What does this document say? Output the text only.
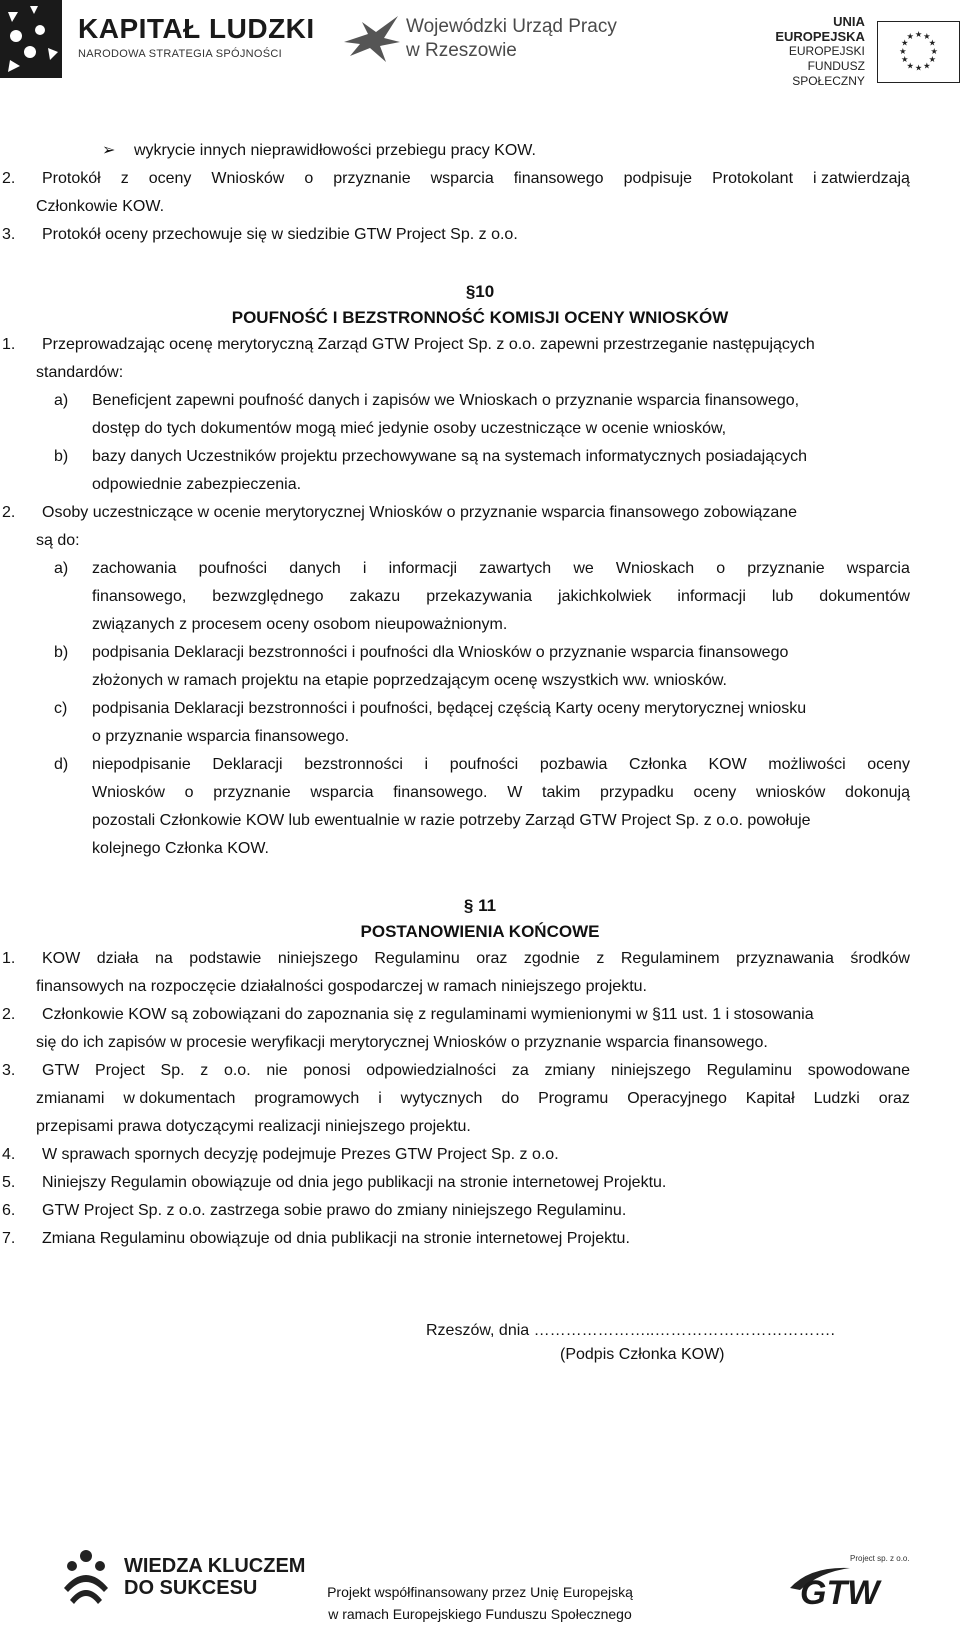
KAPITAŁ LUDZKI
NARODOWA STRATEGIA SPÓJNOŚCI
Wojewódzki Urząd Pracy
w Rzeszowie
UNIA EUROPEJSKA
EUROPEJSKI
FUNDUSZ SPOŁECZNY
★ ★
★
★
★
★
★
★
★
★
★
★
➢ wykrycie innych nieprawidłowości przebiegu pracy KOW.
2. Protokół z oceny Wniosków o przyznanie wsparcia finansowego podpisuje Protokolant i zatwierdzają
Członkowie KOW.
3. Protokół oceny przechowuje się w siedzibie GTW Project Sp. z o.o.
§10
POUFNOŚĆ I BEZSTRONNOŚĆ KOMISJI OCENY WNIOSKÓW
1. Przeprowadzając ocenę merytoryczną Zarząd GTW Project Sp. z o.o. zapewni przestrzeganie następujących
standardów:
a) Beneficjent zapewni poufność danych i zapisów we Wnioskach o przyznanie wsparcia finansowego,
dostęp do tych dokumentów mogą mieć jedynie osoby uczestniczące w ocenie wniosków,
b) bazy danych Uczestników projektu przechowywane są na systemach informatycznych posiadających
odpowiednie zabezpieczenia.
2. Osoby uczestniczące w ocenie merytorycznej Wniosków o przyznanie wsparcia finansowego zobowiązane
są do:
a) zachowania poufności danych i informacji zawartych we Wnioskach o przyznanie wsparcia
finansowego, bezwzględnego zakazu przekazywania jakichkolwiek informacji lub dokumentów
związanych z procesem oceny osobom nieupoważnionym.
b) podpisania Deklaracji bezstronności i poufności dla Wniosków o przyznanie wsparcia finansowego
złożonych w ramach projektu na etapie poprzedzającym ocenę wszystkich ww. wniosków.
c) podpisania Deklaracji bezstronności i poufności, będącej częścią Karty oceny merytorycznej wniosku
o przyznanie wsparcia finansowego.
d) niepodpisanie Deklaracji bezstronności i poufności pozbawia Członka KOW możliwości oceny
Wniosków o przyznanie wsparcia finansowego. W takim przypadku oceny wniosków dokonują
pozostali Członkowie KOW lub ewentualnie w razie potrzeby Zarząd GTW Project Sp. z o.o. powołuje
kolejnego Członka KOW.
§ 11
POSTANOWIENIA KOŃCOWE
1. KOW działa na podstawie niniejszego Regulaminu oraz zgodnie z Regulaminem przyznawania środków
finansowych na rozpoczęcie działalności gospodarczej w ramach niniejszego projektu.
2. Członkowie KOW są zobowiązani do zapoznania się z regulaminami wymienionymi w §11 ust. 1 i stosowania
się do ich zapisów w procesie weryfikacji merytorycznej Wniosków o przyznanie wsparcia finansowego.
3. GTW Project Sp. z o.o. nie ponosi odpowiedzialności za zmiany niniejszego Regulaminu spowodowane
zmianami w dokumentach programowych i wytycznych do Programu Operacyjnego Kapitał Ludzki oraz
przepisami prawa dotyczącymi realizacji niniejszego projektu.
4. W sprawach spornych decyzję podejmuje Prezes GTW Project Sp. z o.o.
5. Niniejszy Regulamin obowiązuje od dnia jego publikacji na stronie internetowej Projektu.
6. GTW Project Sp. z o.o. zastrzega sobie prawo do zmiany niniejszego Regulaminu.
7. Zmiana Regulaminu obowiązuje od dnia publikacji na stronie internetowej Projektu.
Rzeszów, dnia …………………..…………………………….
(Podpis Członka KOW)
WIEDZA KLUCZEM
DO SUKCESU	Projekt współfinansowany przez Unię Europejską
w ramach Europejskiego Funduszu Społecznego
Project sp. z o.o.
GTW
